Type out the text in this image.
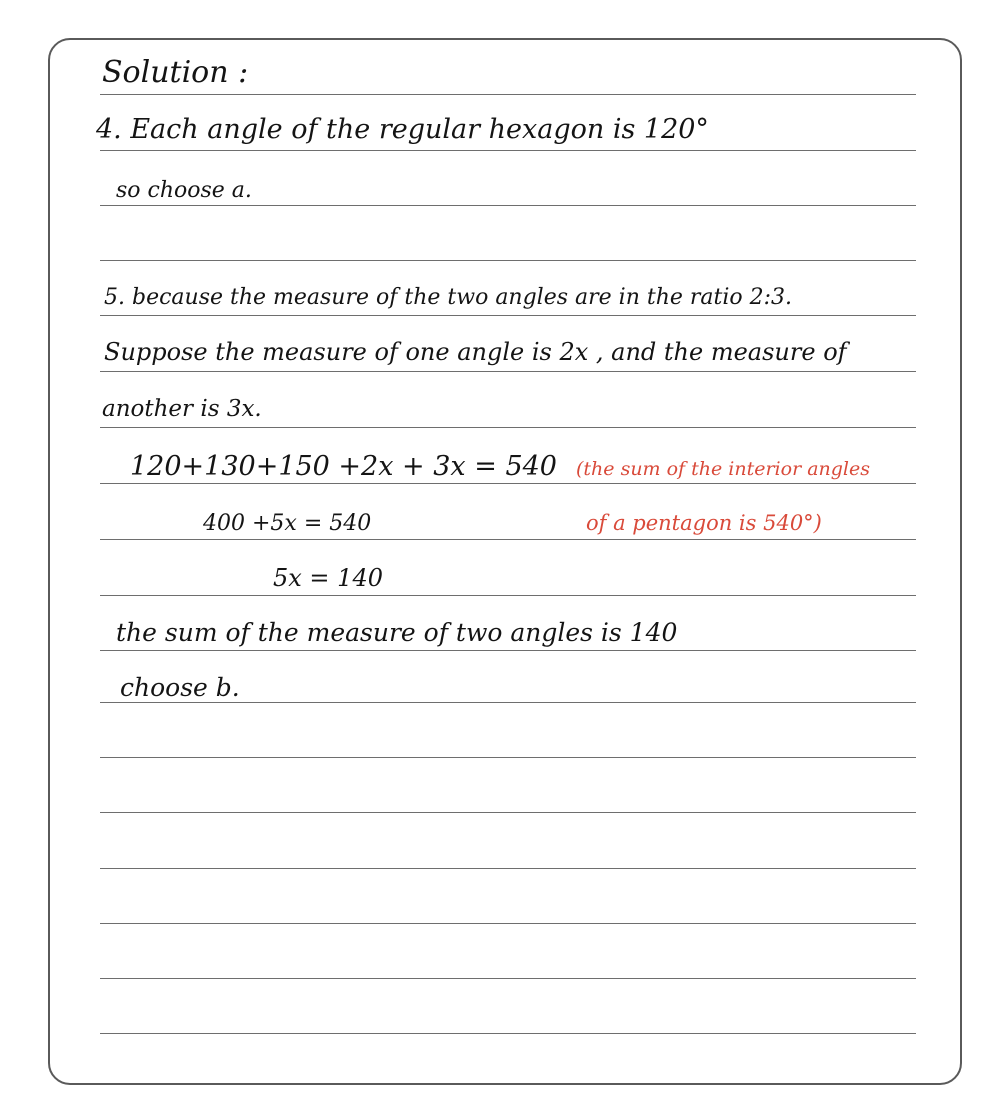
Solution :
4. Each angle of the regular hexagon is 120°
so choose a.
5. because the measure of the two angles are in the ratio 2:3.
Suppose the measure of one angle is 2x , and the measure of
another is 3x.
120+130+150 +2x + 3x = 540 (the sum of the interior angles
400 +5x = 540	of a pentagon is 540°)
5x = 140
the sum of the measure of two angles is 140
choose b.
